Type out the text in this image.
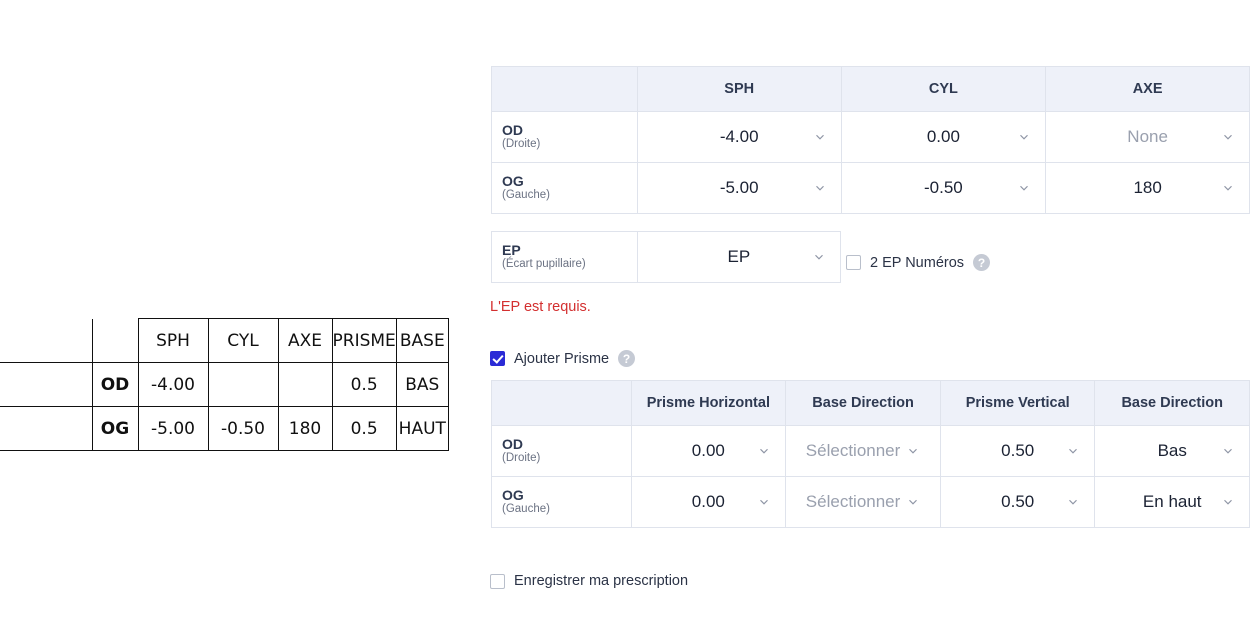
		SPH	CYL	AXE	PRISME	BASE
	OD	-4.00			0.5	BAS
	OG	-5.00	-0.50	180	0.5	HAUT
	SPH	CYL	AXE

OD
(Droite)	-4.00	0.00	None

OG
(Gauche)	-5.00	-0.50	180
EP
(Écart pupillaire)	EP	2 EP Numéros	?
L'EP est requis.
Ajouter Prisme	?
	Prisme Horizontal	Base Direction	Prisme Vertical	Base Direction

OD
(Droite)	0.00	Sélectionner	0.50	Bas

OG
(Gauche)	0.00	Sélectionner	0.50	En haut
Enregistrer ma prescription
